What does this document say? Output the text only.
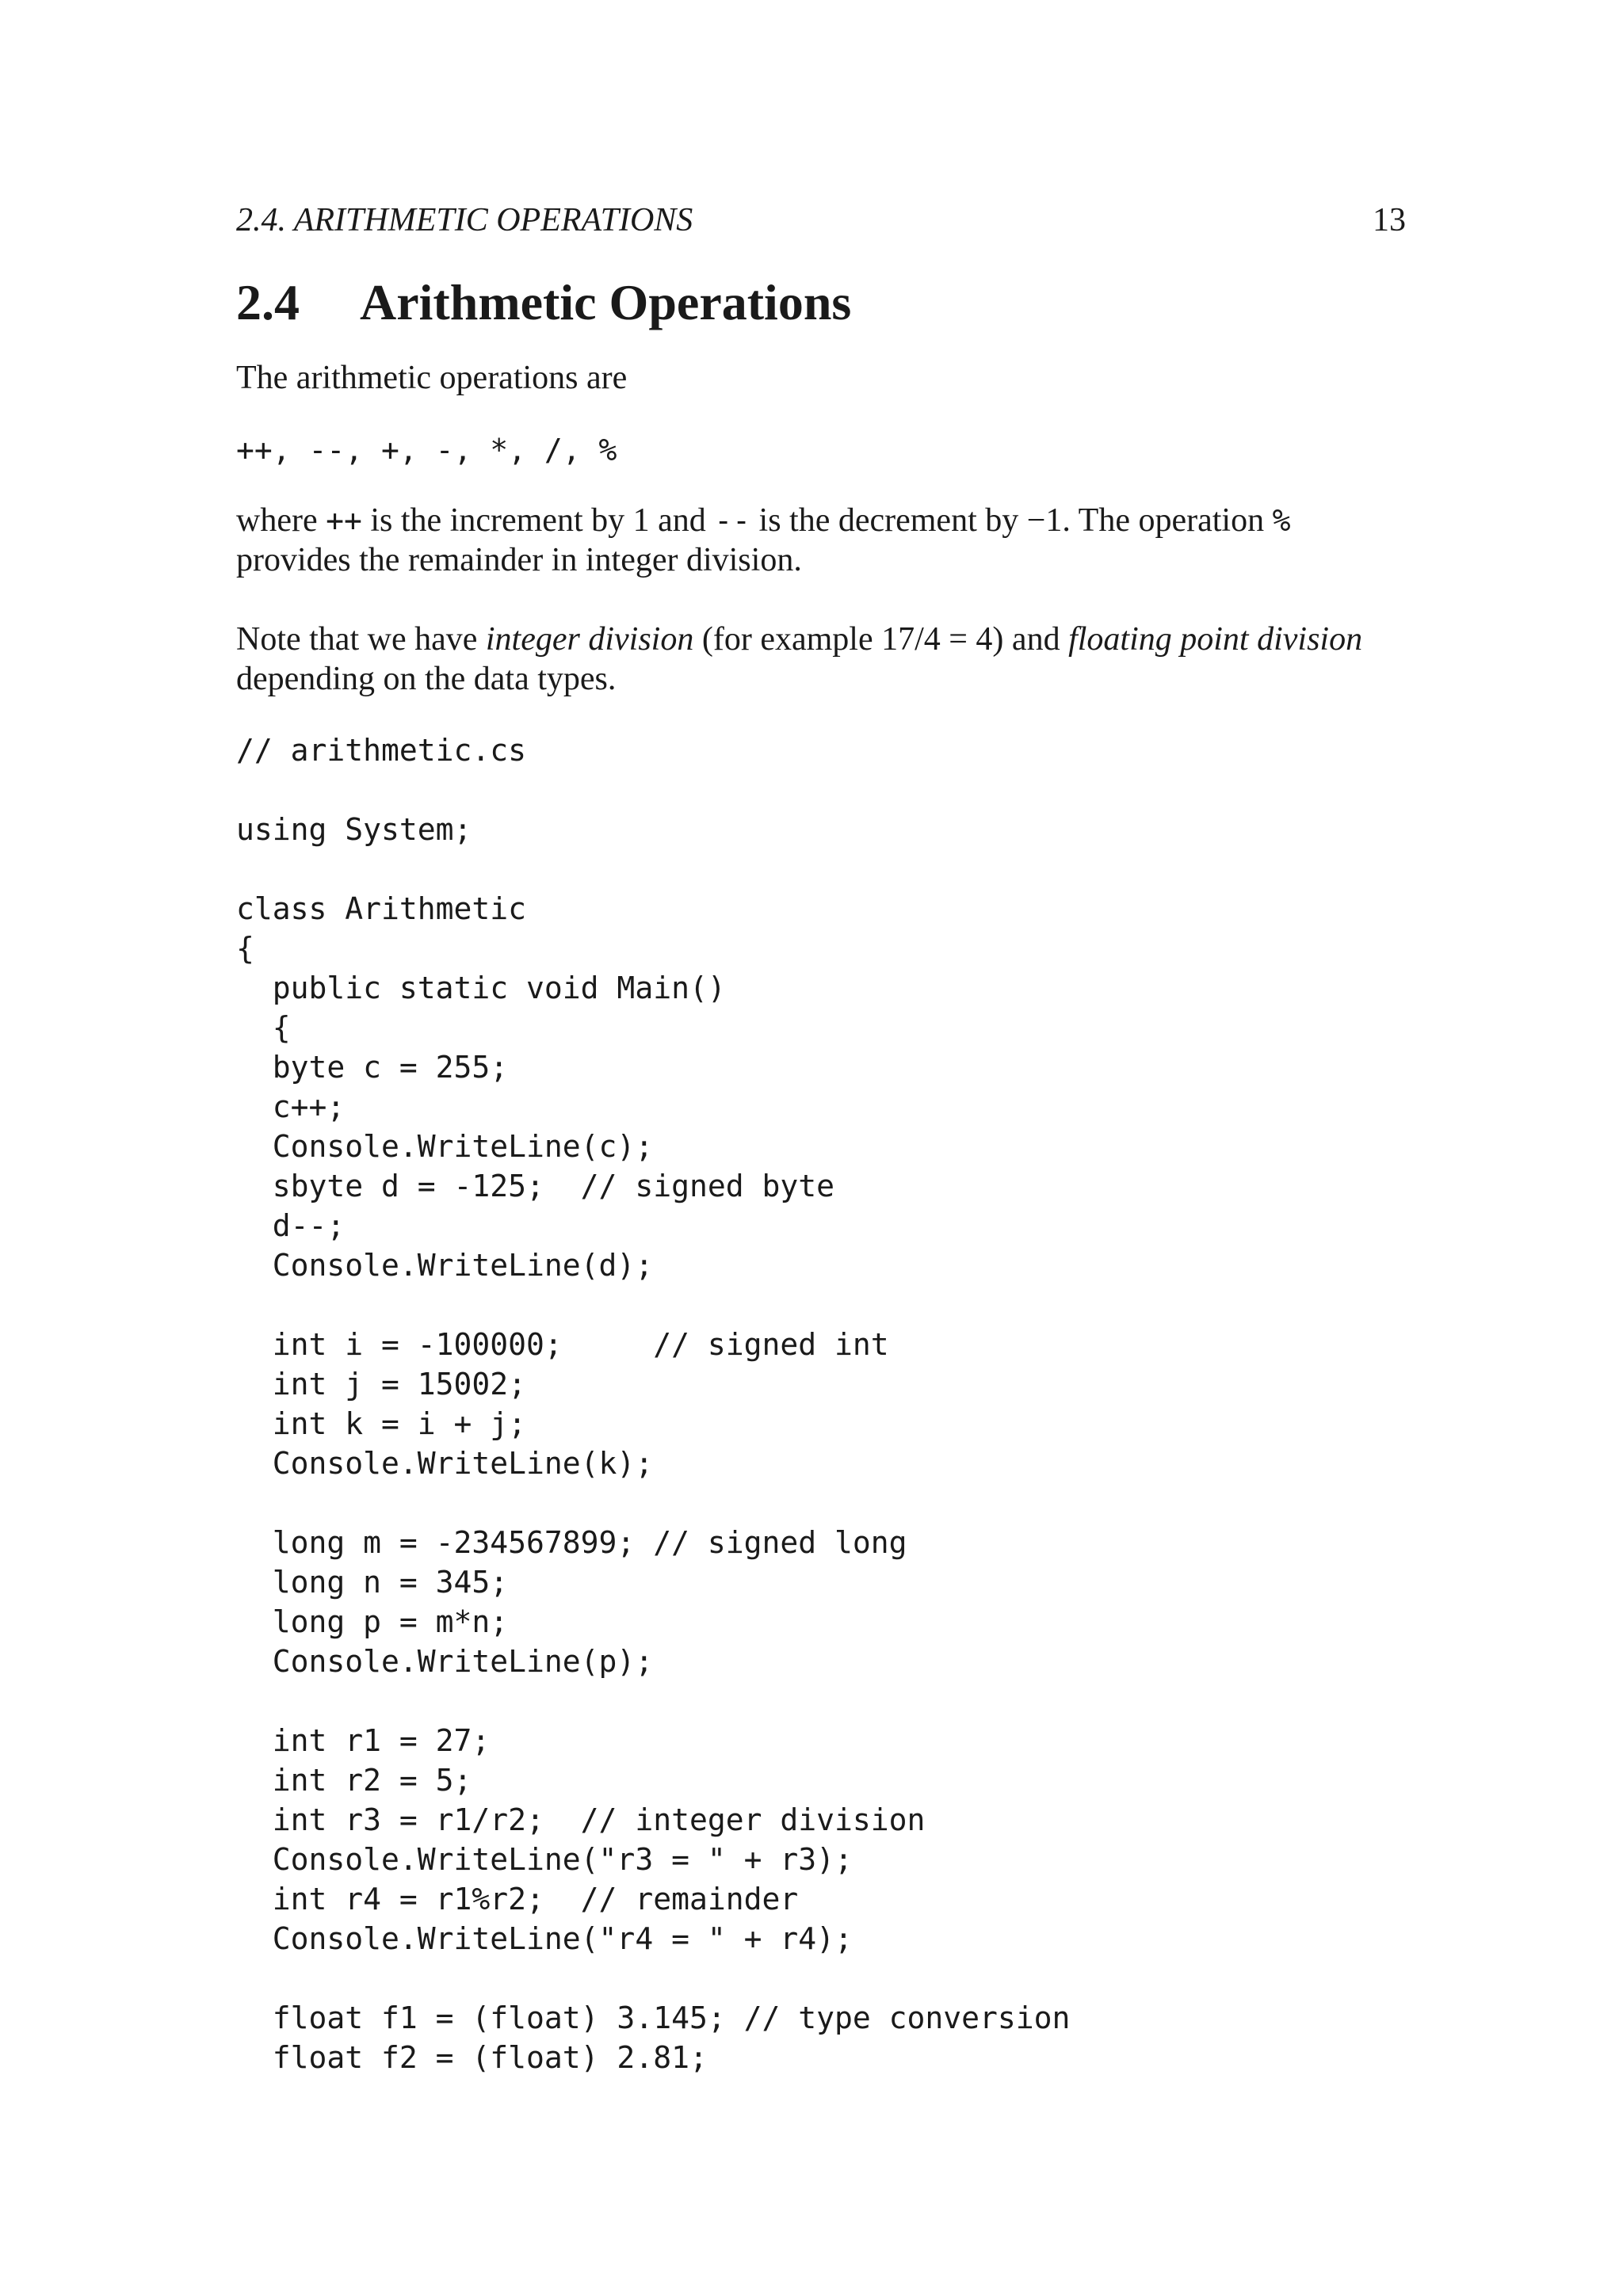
2.4. ARITHMETIC OPERATIONS	13
2.4 Arithmetic Operations

The arithmetic operations are

++, --, +, -, *, /, %

where ++ is the increment by 1 and -- is the decrement by −1. The operation % provides the remainder in integer division.

Note that we have integer division (for example 17/4 = 4) and floating point division depending on the data types.

// arithmetic.cs
using System;
class Arithmetic
{
public static void Main()
{
byte c = 255;
c++;
Console.WriteLine(c);
sbyte d = -125;  // signed byte
d--;
Console.WriteLine(d);
int i = -100000;     // signed int
int j = 15002;
int k = i + j;
Console.WriteLine(k);
long m = -234567899; // signed long
long n = 345;
long p = m*n;
Console.WriteLine(p);
int r1 = 27;
int r2 = 5;
int r3 = r1/r2;  // integer division
Console.WriteLine("r3 = " + r3);
int r4 = r1%r2;  // remainder
Console.WriteLine("r4 = " + r4);
float f1 = (float) 3.145; // type conversion
float f2 = (float) 2.81;
